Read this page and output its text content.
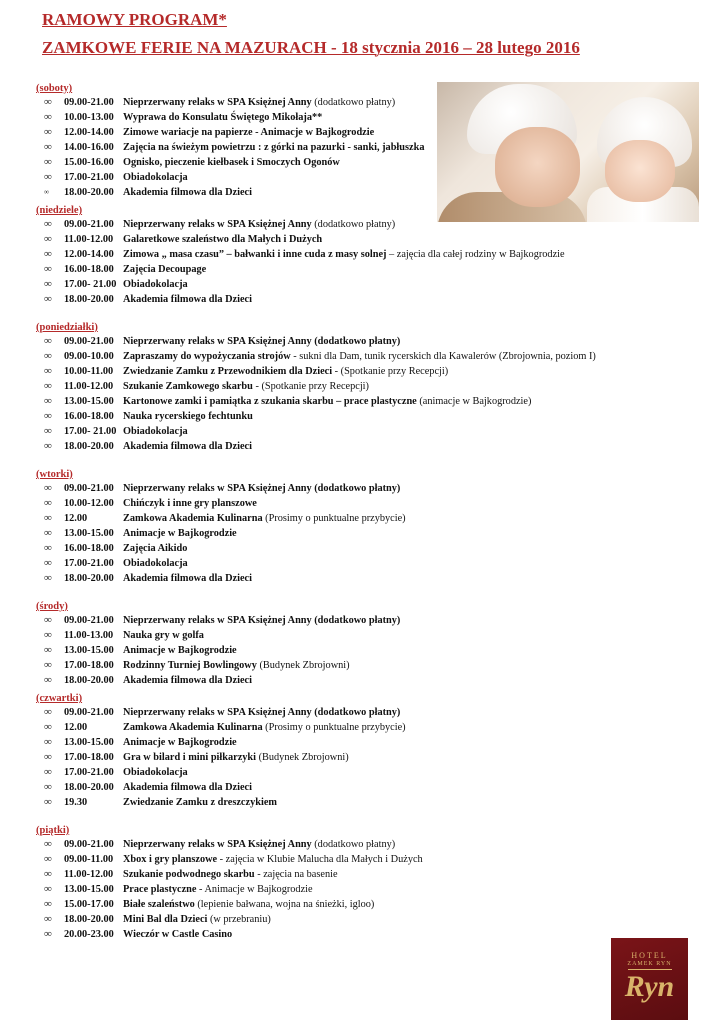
RAMOWY PROGRAM*
ZAMKOWE FERIE NA MAZURACH - 18 stycznia 2016 – 28 lutego 2016
(soboty)
∞ 09.00-21.00 Nieprzerwany relaks w SPA Księżnej Anny (dodatkowo płatny)
∞ 10.00-13.00 Wyprawa do Konsulatu Świętego Mikołaja**
∞ 12.00-14.00 Zimowe wariacje na papierze - Animacje w Bajkogrodzie
∞ 14.00-16.00 Zajęcia na świeżym powietrzu : z górki na pazurki - sanki, jabłuszka
∞ 15.00-16.00 Ognisko, pieczenie kiełbasek i Smoczych Ogonów
∞ 17.00-21.00 Obiadokolacja
∞ 18.00-20.00 Akademia filmowa dla Dzieci
(niedziele)
∞ 09.00-21.00 Nieprzerwany relaks w SPA Księżnej Anny (dodatkowo płatny)
∞ 11.00-12.00 Galaretkowe szaleństwo dla Małych i Dużych
∞ 12.00-14.00 Zimowa „ masa czasu” – bałwanki i inne cuda z masy solnej – zajęcia dla całej rodziny w Bajkogrodzie
∞ 16.00-18.00 Zajęcia Decoupage
∞ 17.00- 21.00 Obiadokolacja
∞ 18.00-20.00 Akademia filmowa dla Dzieci
(poniedziałki)
∞ 09.00-21.00 Nieprzerwany relaks w SPA Księżnej Anny (dodatkowo płatny)
∞ 09.00-10.00 Zapraszamy do wypożyczania strojów - sukni dla Dam, tunik rycerskich dla Kawalerów (Zbrojownia, poziom I)
∞ 10.00-11.00 Zwiedzanie Zamku z Przewodnikiem dla Dzieci - (Spotkanie przy Recepcji)
∞ 11.00-12.00 Szukanie Zamkowego skarbu - (Spotkanie przy Recepcji)
∞ 13.00-15.00 Kartonowe zamki i pamiątka z szukania skarbu – prace plastyczne (animacje w Bajkogrodzie)
∞ 16.00-18.00 Nauka rycerskiego fechtunku
∞ 17.00- 21.00 Obiadokolacja
∞ 18.00-20.00 Akademia filmowa dla Dzieci
(wtorki)
∞ 09.00-21.00 Nieprzerwany relaks w SPA Księżnej Anny (dodatkowo płatny)
∞ 10.00-12.00 Chińczyk i inne gry planszowe
∞ 12.00	Zamkowa Akademia Kulinarna (Prosimy o punktualne przybycie)
∞ 13.00-15.00 Animacje w Bajkogrodzie
∞ 16.00-18.00 Zajęcia Aikido
∞ 17.00-21.00 Obiadokolacja
∞ 18.00-20.00 Akademia filmowa dla Dzieci
(środy)
∞ 09.00-21.00 Nieprzerwany relaks w SPA Księżnej Anny (dodatkowo płatny)
∞ 11.00-13.00 Nauka gry w golfa
∞ 13.00-15.00 Animacje w Bajkogrodzie
∞ 17.00-18.00 Rodzinny Turniej Bowlingowy (Budynek Zbrojowni)
∞ 18.00-20.00 Akademia filmowa dla Dzieci
(czwartki)
∞ 09.00-21.00 Nieprzerwany relaks w SPA Księżnej Anny (dodatkowo płatny)
∞ 12.00	Zamkowa Akademia Kulinarna (Prosimy o punktualne przybycie)
∞ 13.00-15.00 Animacje w Bajkogrodzie
∞ 17.00-18.00 Gra w bilard i mini piłkarzyki (Budynek Zbrojowni)
∞ 17.00-21.00 Obiadokolacja
∞ 18.00-20.00 Akademia filmowa dla Dzieci
∞ 19.30	Zwiedzanie Zamku z dreszczykiem
(piątki)
∞ 09.00-21.00 Nieprzerwany relaks w SPA Księżnej Anny (dodatkowo płatny)
∞ 09.00-11.00 Xbox i gry planszowe - zajęcia w Klubie Malucha dla Małych i Dużych
∞ 11.00-12.00 Szukanie podwodnego skarbu - zajęcia na basenie
∞ 13.00-15.00 Prace plastyczne - Animacje w Bajkogrodzie
∞ 15.00-17.00 Białe szaleństwo (lepienie bałwana, wojna na śnieżki, igloo)
∞ 18.00-20.00 Mini Bal dla Dzieci (w przebraniu)
∞ 20.00-23.00 Wieczór w Castle Casino
HOTEL
ZAMEK RYN
Ryn
